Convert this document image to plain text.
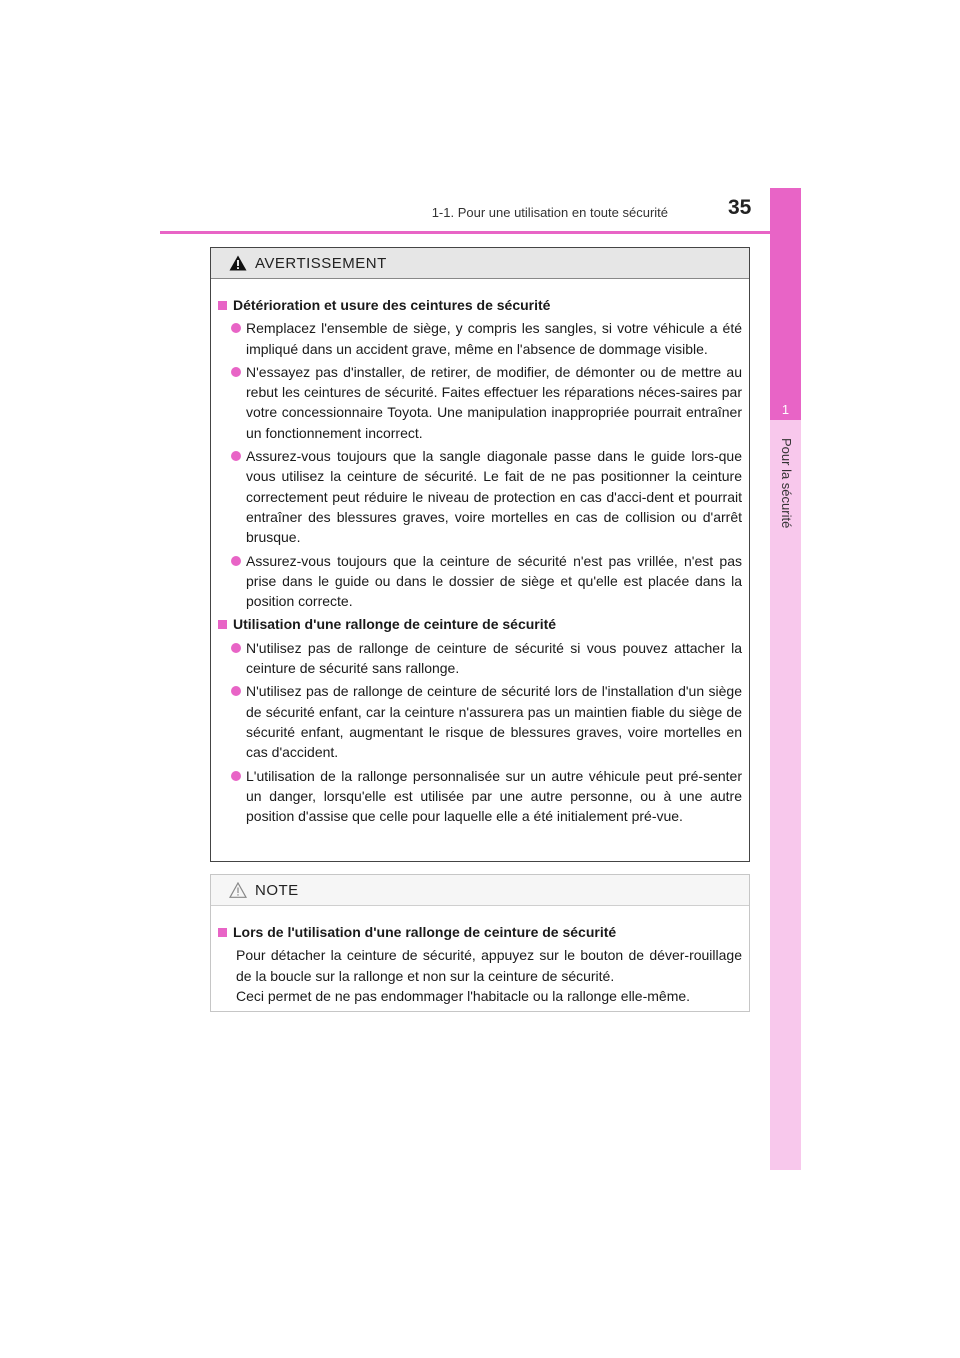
1
Pour la sécurité
1-1. Pour une utilisation en toute sécurité	35
AVERTISSEMENT
Détérioration et usure des ceintures de sécurité

Remplacez l'ensemble de siège, y compris les sangles, si votre véhicule a été impliqué dans un accident grave, même en l'absence de dommage visible.

N'essayez pas d'installer, de retirer, de modifier, de démonter ou de mettre au rebut les ceintures de sécurité. Faites effectuer les réparations néces-saires par votre concessionnaire Toyota. Une manipulation inappropriée pourrait entraîner un fonctionnement incorrect.

Assurez-vous toujours que la sangle diagonale passe dans le guide lors-que vous utilisez la ceinture de sécurité. Le fait de ne pas positionner la ceinture correctement peut réduire le niveau de protection en cas d'acci-dent et pourrait entraîner des blessures graves, voire mortelles en cas de collision ou d'arrêt brusque.

Assurez-vous toujours que la ceinture de sécurité n'est pas vrillée, n'est pas prise dans le guide ou dans le dossier de siège et qu'elle est placée dans la position correcte.

Utilisation d'une rallonge de ceinture de sécurité

N'utilisez pas de rallonge de ceinture de sécurité si vous pouvez attacher la ceinture de sécurité sans rallonge.

N'utilisez pas de rallonge de ceinture de sécurité lors de l'installation d'un siège de sécurité enfant, car la ceinture n'assurera pas un maintien fiable du siège de sécurité enfant, augmentant le risque de blessures graves, voire mortelles en cas d'accident.

L'utilisation de la rallonge personnalisée sur un autre véhicule peut pré-senter un danger, lorsqu'elle est utilisée par une autre personne, ou à une autre position d'assise que celle pour laquelle elle a été initialement pré-vue.

NOTE
Lors de l'utilisation d'une rallonge de ceinture de sécurité

Pour détacher la ceinture de sécurité, appuyez sur le bouton de déver-rouillage de la boucle sur la rallonge et non sur la ceinture de sécurité.

Ceci permet de ne pas endommager l'habitacle ou la rallonge elle-même.
